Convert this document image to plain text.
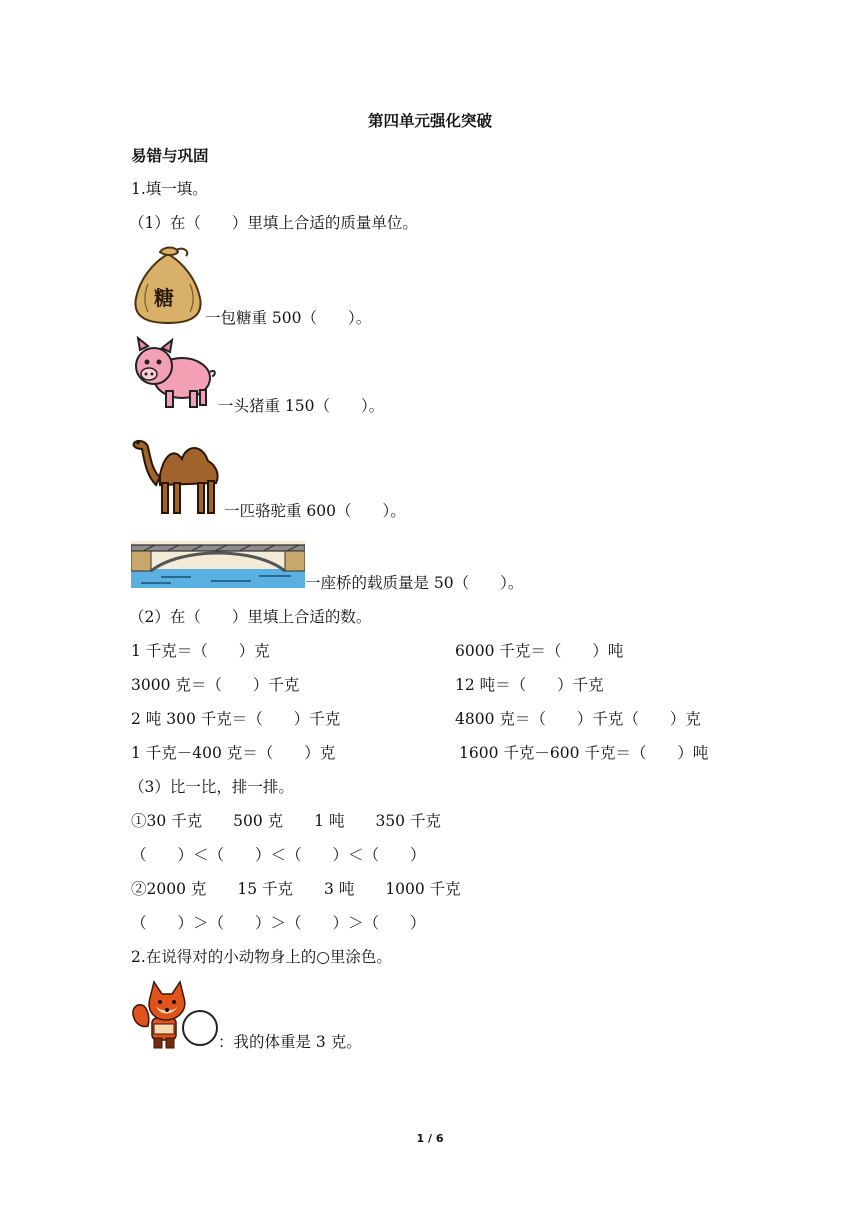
第四单元强化突破
易错与巩固
1.填一填。
（1）在（　　）里填上合适的质量单位。
糖
一包糖重 500（　　）。
一头猪重 150（　　）。
一匹骆驼重 600（　　）。
一座桥的载质量是 50（　　）。
（2）在（　　）里填上合适的数。
1 千克＝（　　）克	6000 千克＝（　　）吨
3000 克＝（　　）千克	12 吨＝（　　）千克
2 吨 300 千克＝（　　）千克	4800 克＝（　　）千克（　　）克
1 千克－400 克＝（　　）克	1600 千克－600 千克＝（　　）吨
（3）比一比，排一排。
①30 千克　　500 克　　1 吨　　350 千克
（　　）＜（　　）＜（　　）＜（　　）
②2000 克　　15 千克　　3 吨　　1000 千克
（　　）＞（　　）＞（　　）＞（　　）
2.在说得对的小动物身上的○里涂色。
：我的体重是 3 克。
1 / 6
